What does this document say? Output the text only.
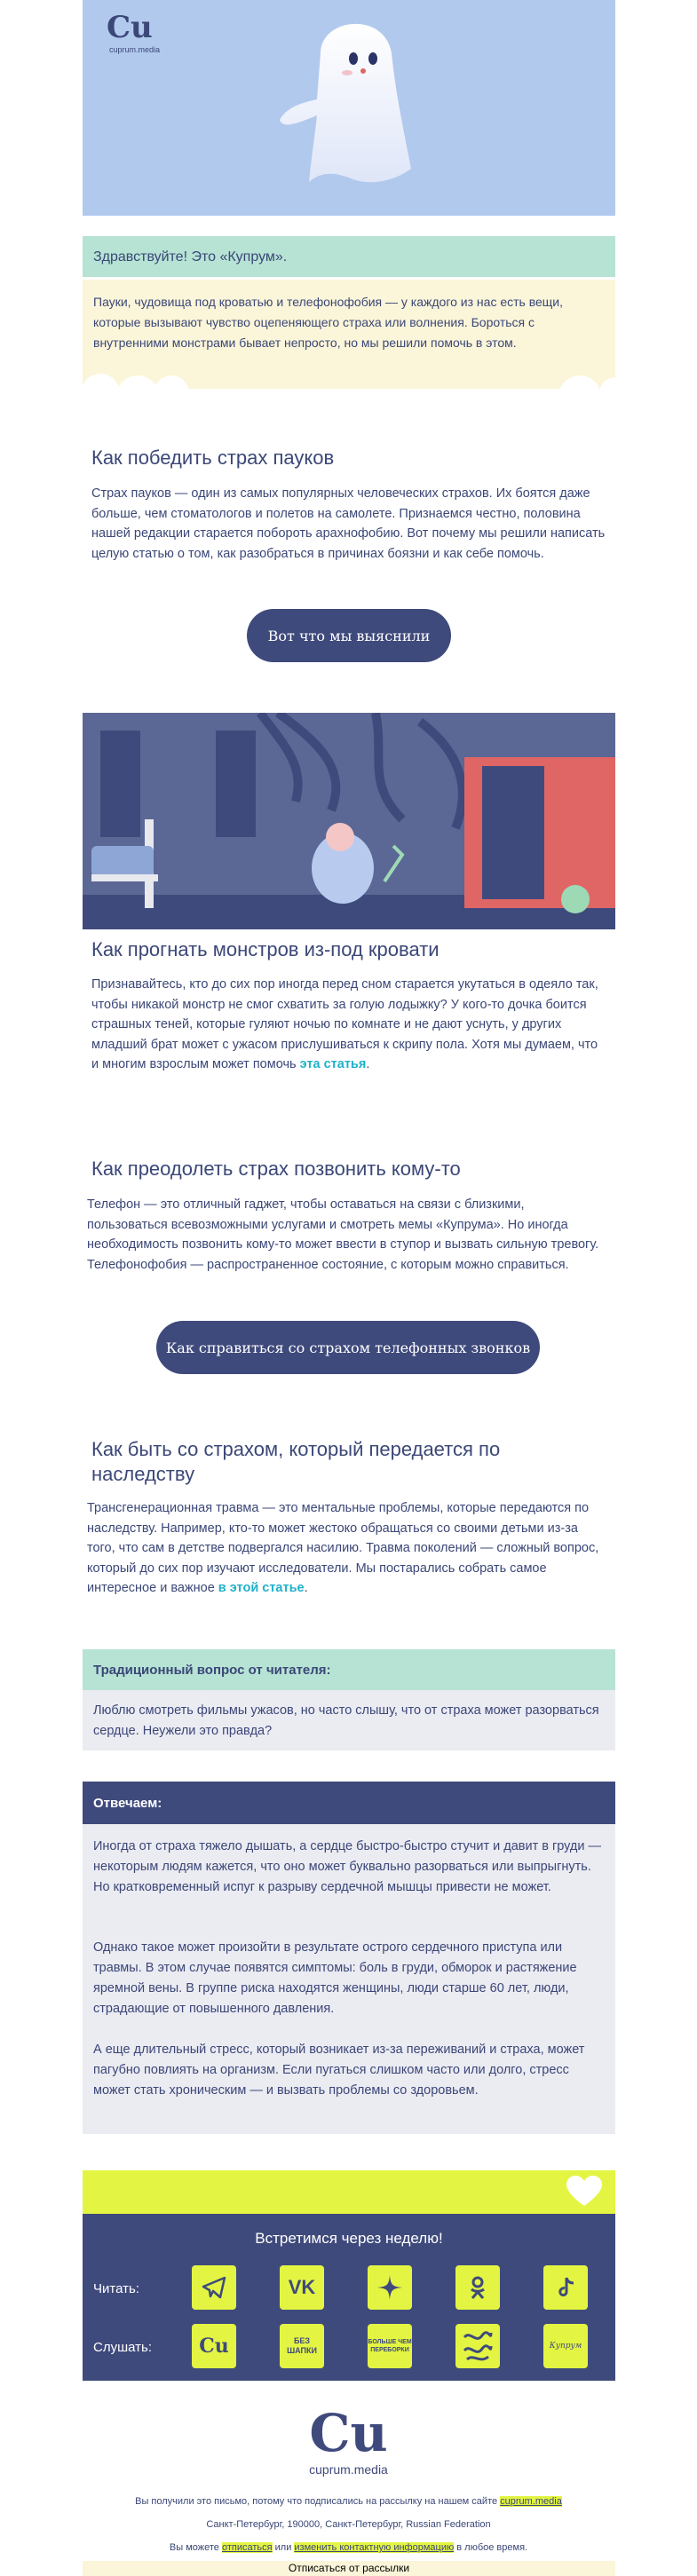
Cu
cuprum.media
Здравствуйте! Это «Купрум».

Пауки, чудовища под кроватью и телефонофобия — у каждого из нас есть вещи, которые вызывают чувство оцепеняющего страха или волнения. Бороться с внутренними монстрами бывает непросто, но мы решили помочь в этом.

Как победить страх пауков

Страх пауков — один из самых популярных человеческих страхов. Их боятся даже больше, чем стоматологов и полетов на самолете. Признаемся честно, половина нашей редакции старается побороть арахнофобию. Вот почему мы решили написать целую статью о том, как разобраться в причинах боязни и как себе помочь.

Вот что мы выяснили
Как прогнать монстров из-под кровати

Признавайтесь, кто до сих пор иногда перед сном старается укутаться в одеяло так, чтобы никакой монстр не смог схватить за голую лодыжку? У кого-то дочка боится страшных теней, которые гуляют ночью по комнате и не дают уснуть, у других младший брат может с ужасом прислушиваться к скрипу пола. Хотя мы думаем, что и многим взрослым может помочь эта статья.

Как преодолеть страх позвонить кому-то

Телефон — это отличный гаджет, чтобы оставаться на связи с близкими, пользоваться всевозможными услугами и смотреть мемы «Купрума». Но иногда необходимость позвонить кому-то может ввести в ступор и вызвать сильную тревогу. Телефонофобия — распространенное состояние, с которым можно справиться.

Как справиться со страхом телефонных звонков
Как быть со страхом, который передается по наследству

Трансгенерационная травма — это ментальные проблемы, которые передаются по наследству. Например, кто-то может жестоко обращаться со своими детьми из-за того, что сам в детстве подвергался насилию. Травма поколений — сложный вопрос, который до сих пор изучают исследователи. Мы постарались собрать самое интересное и важное в этой статье.

Традиционный вопрос от читателя:

Люблю смотреть фильмы ужасов, но часто слышу, что от страха может разорваться сердце. Неужели это правда?

Отвечаем:

Иногда от страха тяжело дышать, а сердце быстро-быстро стучит и давит в груди — некоторым людям кажется, что оно может буквально разорваться или выпрыгнуть. Но кратковременный испуг к разрыву сердечной мышцы привести не может.

Однако такое может произойти в результате острого сердечного приступа или травмы. В этом случае появятся симптомы: боль в груди, обморок и растяжение яремной вены. В группе риска находятся женщины, люди старше 60 лет, люди, страдающие от повышенного давления.

А еще длительный стресс, который возникает из-за переживаний и страха, может пагубно повлиять на организм. Если пугаться слишком часто или долго, стресс может стать хроническим — и вызвать проблемы со здоровьем.

Встретимся через неделю!
Читать:
Слушать:
VK
Cu	БЕЗ ШАПКИ
БОЛЬШЕ ЧЕМ ПЕРЕБОРКИ	Купрум
Cu
cuprum.media
Вы получили это письмо, потому что подписались на рассылку на нашем сайте cuprum.media
Санкт-Петербург, 190000, Санкт-Петербург, Russian Federation
Вы можете отписаться или изменить контактную информацию в любое время.
Отписаться от рассылки
